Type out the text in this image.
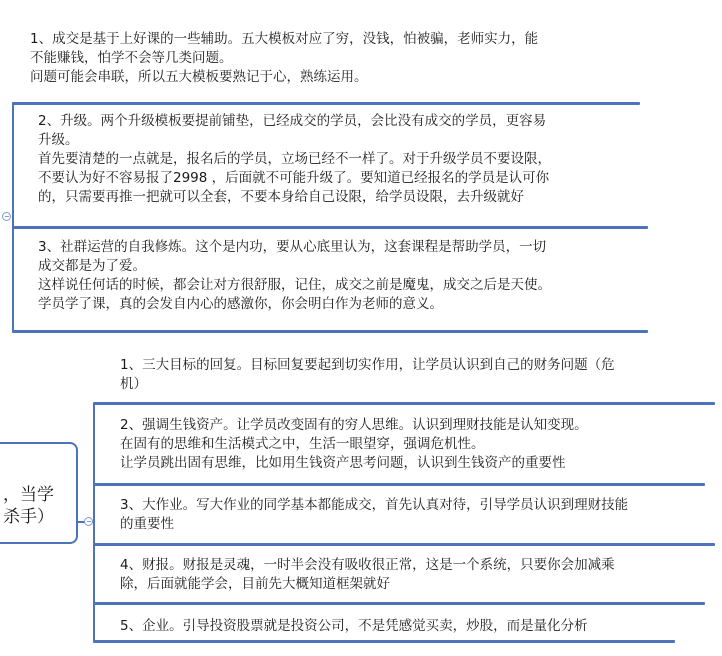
1、成交是基于上好课的一些辅助。五大模板对应了穷，没钱，怕被骗，老师实力，能
不能赚钱，怕学不会等几类问题。
问题可能会串联，所以五大模板要熟记于心，熟练运用。
2、升级。两个升级模板要提前铺垫，已经成交的学员，会比没有成交的学员，更容易
升级。
首先要清楚的一点就是，报名后的学员，立场已经不一样了。对于升级学员不要设限，
不要认为好不容易报了2998 ，后面就不可能升级了。要知道已经报名的学员是认可你
的，只需要再推一把就可以全套，不要本身给自己设限，给学员设限，去升级就好
3、社群运营的自我修炼。这个是内功，要从心底里认为，这套课程是帮助学员，一切
成交都是为了爱。
这样说任何话的时候，都会让对方很舒服，记住，成交之前是魔鬼，成交之后是天使。
学员学了课，真的会发自内心的感激你，你会明白作为老师的意义。
，当学
杀手）
1、三大目标的回复。目标回复要起到切实作用，让学员认识到自己的财务问题（危
机）
2、强调生钱资产。让学员改变固有的穷人思维。认识到理财技能是认知变现。
在固有的思维和生活模式之中，生活一眼望穿，强调危机性。
让学员跳出固有思维，比如用生钱资产思考问题，认识到生钱资产的重要性
3、大作业。写大作业的同学基本都能成交，首先认真对待，引导学员认识到理财技能
的重要性
4、财报。财报是灵魂，一时半会没有吸收很正常，这是一个系统，只要你会加减乘
除，后面就能学会，目前先大概知道框架就好
5、企业。引导投资股票就是投资公司，不是凭感觉买卖，炒股，而是量化分析
